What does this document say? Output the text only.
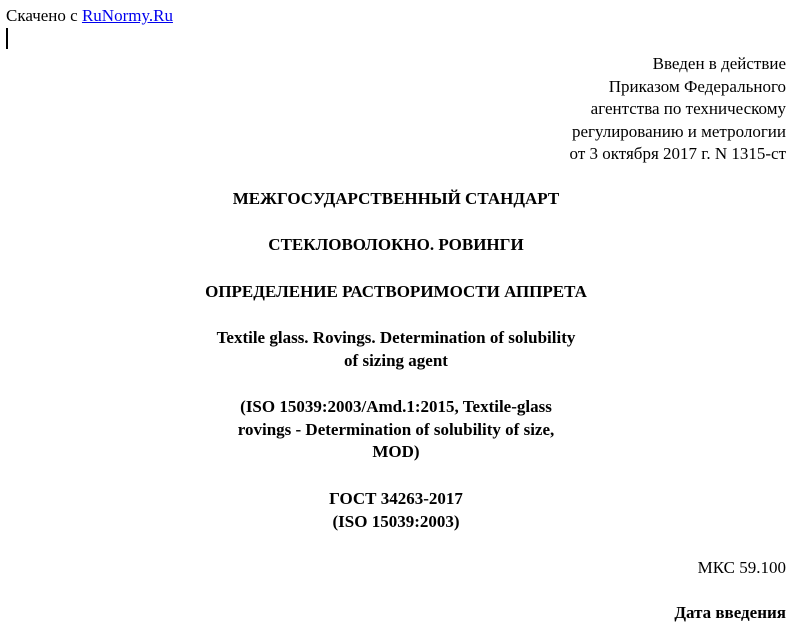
Скачено с RuNormy.Ru
Введен в действие
Приказом Федерального
агентства по техническому
регулированию и метрологии
от 3 октября 2017 г. N 1315-ст
МЕЖГОСУДАРСТВЕННЫЙ СТАНДАРТ
СТЕКЛОВОЛОКНО. РОВИНГИ
ОПРЕДЕЛЕНИЕ РАСТВОРИМОСТИ АППРЕТА
Textile glass. Rovings. Determination of solubility
of sizing agent
(ISO 15039:2003/Amd.1:2015, Textile-glass
rovings - Determination of solubility of size,
MOD)
ГОСТ 34263-2017
(ISO 15039:2003)
МКС 59.100
Дата введения
